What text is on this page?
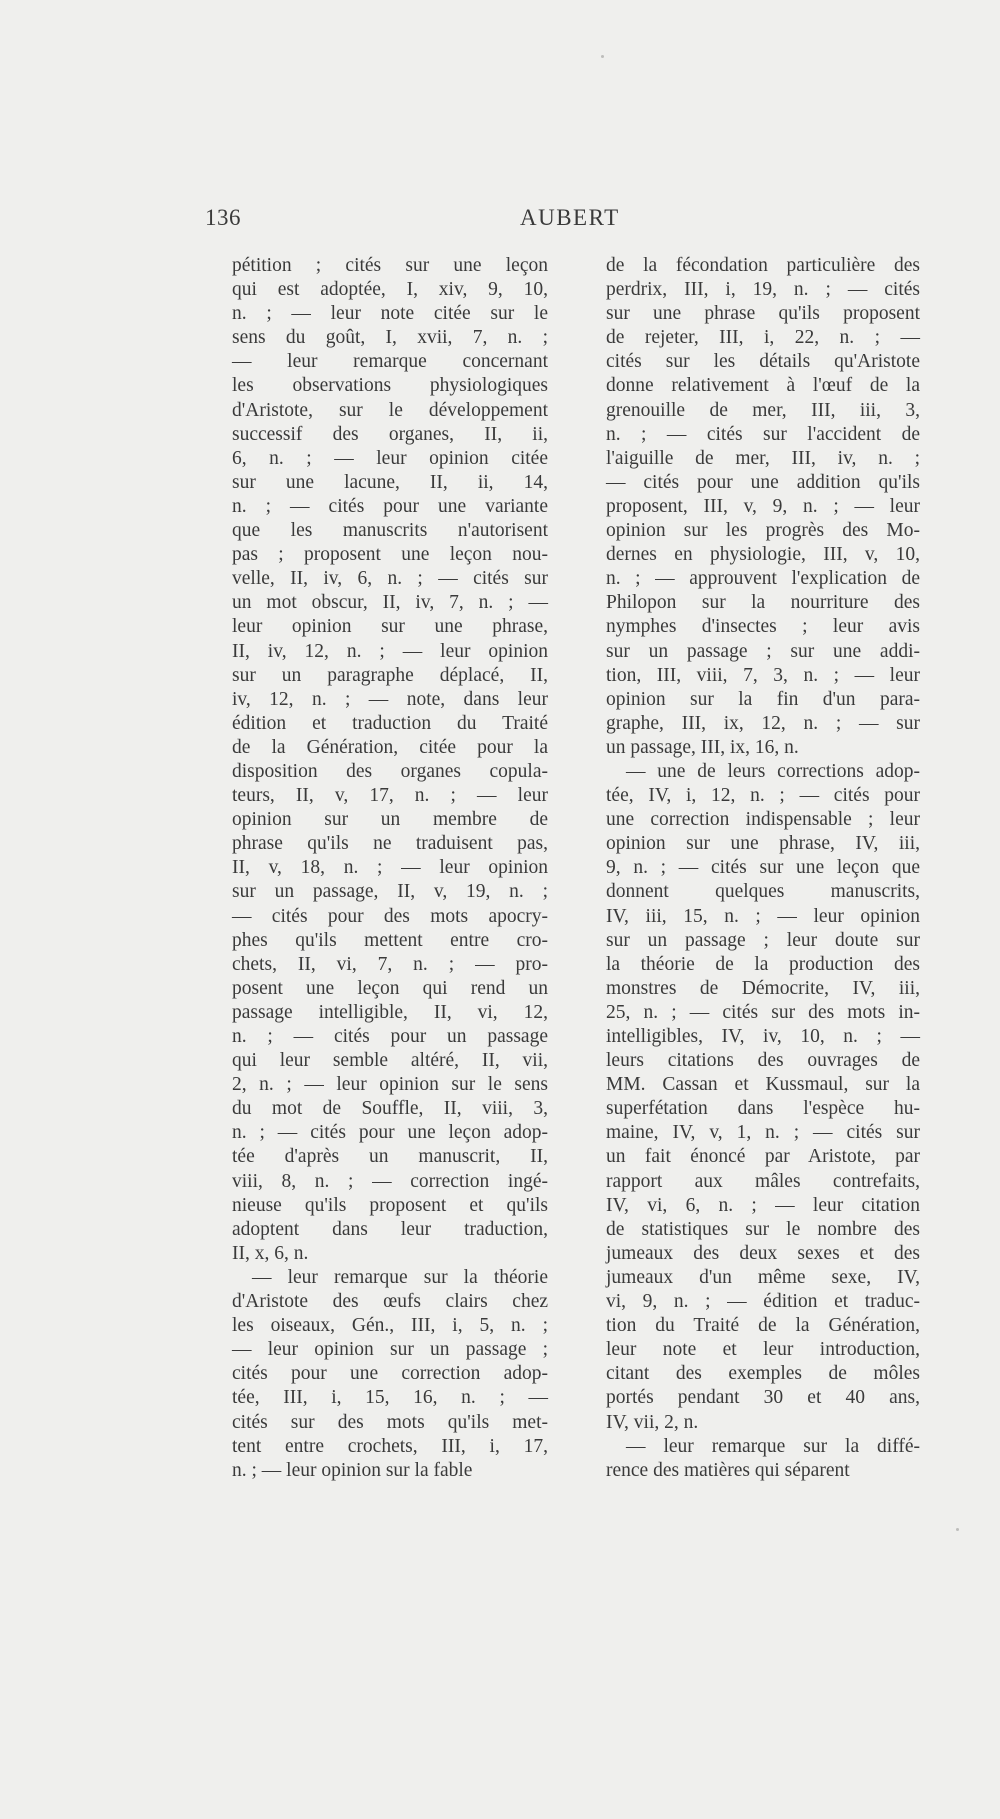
136	AUBERT
pétition ; cités sur une leçon
qui est adoptée, I, xiv, 9, 10,
n. ; — leur note citée sur le
sens du goût, I, xvii, 7, n. ;
— leur remarque concernant
les observations physiologiques
d'Aristote, sur le développement
successif des organes, II, ii,
6, n. ; — leur opinion citée
sur une lacune, II, ii, 14,
n. ; — cités pour une variante
que les manuscrits n'autorisent
pas ; proposent une leçon nou-
velle, II, iv, 6, n. ; — cités sur
un mot obscur, II, iv, 7, n. ; —
leur opinion sur une phrase,
II, iv, 12, n. ; — leur opinion
sur un paragraphe déplacé, II,
iv, 12, n. ; — note, dans leur
édition et traduction du Traité
de la Génération, citée pour la
disposition des organes copula-
teurs, II, v, 17, n. ; — leur
opinion sur un membre de
phrase qu'ils ne traduisent pas,
II, v, 18, n. ; — leur opinion
sur un passage, II, v, 19, n. ;
— cités pour des mots apocry-
phes qu'ils mettent entre cro-
chets, II, vi, 7, n. ; — pro-
posent une leçon qui rend un
passage intelligible, II, vi, 12,
n. ; — cités pour un passage
qui leur semble altéré, II, vii,
2, n. ; — leur opinion sur le sens
du mot de Souffle, II, viii, 3,
n. ; — cités pour une leçon adop-
tée d'après un manuscrit, II,
viii, 8, n. ; — correction ingé-
nieuse qu'ils proposent et qu'ils
adoptent dans leur traduction,
II, x, 6, n.
— leur remarque sur la théorie
d'Aristote des œufs clairs chez
les oiseaux, Gén., III, i, 5, n. ;
— leur opinion sur un passage ;
cités pour une correction adop-
tée, III, i, 15, 16, n. ; —
cités sur des mots qu'ils met-
tent entre crochets, III, i, 17,
n. ; — leur opinion sur la fable
de la fécondation particulière des
perdrix, III, i, 19, n. ; — cités
sur une phrase qu'ils proposent
de rejeter, III, i, 22, n. ; —
cités sur les détails qu'Aristote
donne relativement à l'œuf de la
grenouille de mer, III, iii, 3,
n. ; — cités sur l'accident de
l'aiguille de mer, III, iv, n. ;
— cités pour une addition qu'ils
proposent, III, v, 9, n. ; — leur
opinion sur les progrès des Mo-
dernes en physiologie, III, v, 10,
n. ; — approuvent l'explication de
Philopon sur la nourriture des
nymphes d'insectes ; leur avis
sur un passage ; sur une addi-
tion, III, viii, 7, 3, n. ; — leur
opinion sur la fin d'un para-
graphe, III, ix, 12, n. ; — sur
un passage, III, ix, 16, n.
— une de leurs corrections adop-
tée, IV, i, 12, n. ; — cités pour
une correction indispensable ; leur
opinion sur une phrase, IV, iii,
9, n. ; — cités sur une leçon que
donnent quelques manuscrits,
IV, iii, 15, n. ; — leur opinion
sur un passage ; leur doute sur
la théorie de la production des
monstres de Démocrite, IV, iii,
25, n. ; — cités sur des mots in-
intelligibles, IV, iv, 10, n. ; —
leurs citations des ouvrages de
MM. Cassan et Kussmaul, sur la
superfétation dans l'espèce hu-
maine, IV, v, 1, n. ; — cités sur
un fait énoncé par Aristote, par
rapport aux mâles contrefaits,
IV, vi, 6, n. ; — leur citation
de statistiques sur le nombre des
jumeaux des deux sexes et des
jumeaux d'un même sexe, IV,
vi, 9, n. ; — édition et traduc-
tion du Traité de la Génération,
leur note et leur introduction,
citant des exemples de môles
portés pendant 30 et 40 ans,
IV, vii, 2, n.
— leur remarque sur la diffé-
rence des matières qui séparent
